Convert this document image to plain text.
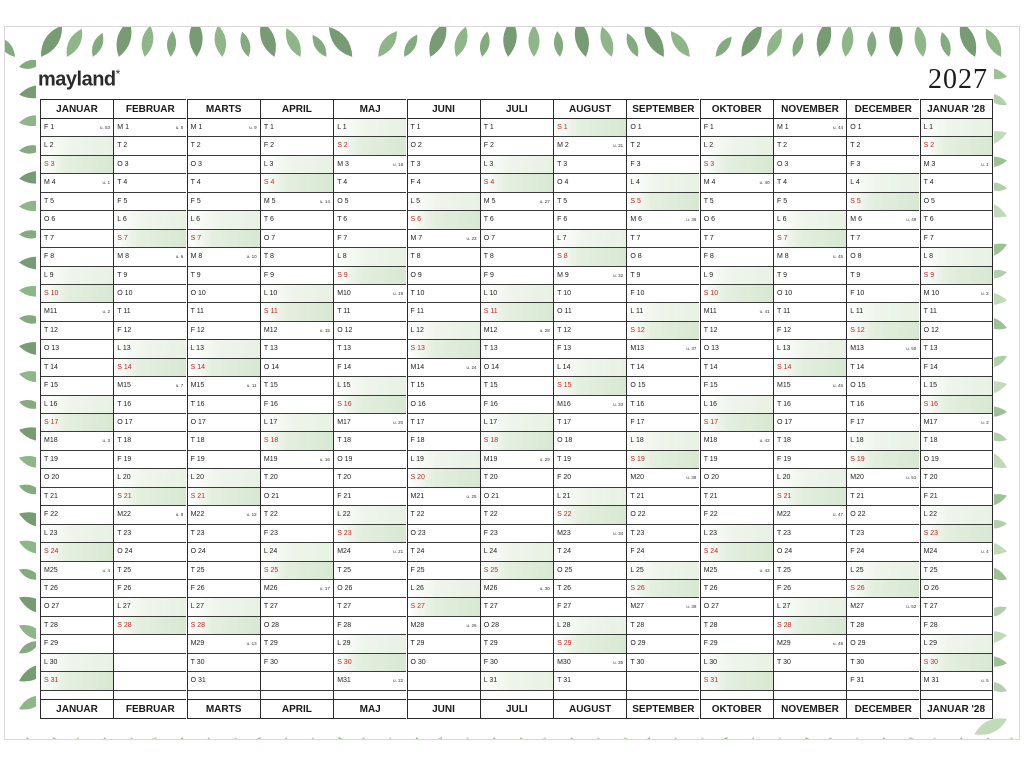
mayland*	2027
JANUAR
F 1	u. 53
L 2
S 3
M 4	u. 1
T 5
O 6
T 7
F 8
L 9
S 10
M11	u. 2
T 12
O 13
T 14
F 15
L 16
S 17
M18	u. 3
T 19
O 20
T 21
F 22
L 23
S 24
M25	u. 4
T 26
O 27
T 28
F 29
L 30
S 31
JANUAR
FEBRUAR
M 1	u. 5
T 2
O 3
T 4
F 5
L 6
S 7
M 8	u. 6
T 9
O 10
T 11
F 12
L 13
S 14
M15	u. 7
T 16
O 17
T 18
F 19
L 20
S 21
M22	u. 8
T 23
O 24
T 25
F 26
L 27
S 28
FEBRUAR
MARTS
M 1	u. 9
T 2
O 3
T 4
F 5
L 6
S 7
M 8	u. 10
T 9
O 10
T 11
F 12
L 13
S 14
M15	u. 11
T 16
O 17
T 18
F 19
L 20
S 21
M22	u. 12
T 23
O 24
T 25
F 26
L 27
S 28
M29	u. 13
T 30
O 31
MARTS
APRIL
T 1
F 2
L 3
S 4
M 5	u. 14
T 6
O 7
T 8
F 9
L 10
S 11
M12	u. 15
T 13
O 14
T 15
F 16
L 17
S 18
M19	u. 16
T 20
O 21
T 22
F 23
L 24
S 25
M26	u. 17
T 27
O 28
T 29
F 30
APRIL
MAJ
L 1
S 2
M 3	u. 18
T 4
O 5
T 6
F 7
L 8
S 9
M10	u. 19
T 11
O 12
T 13
F 14
L 15
S 16
M17	u. 20
T 18
O 19
T 20
F 21
L 22
S 23
M24	u. 21
T 25
O 26
T 27
F 28
L 29
S 30
M31	u. 22
MAJ
JUNI
T 1
O 2
T 3
F 4
L 5
S 6
M 7	u. 23
T 8
O 9
T 10
F 11
L 12
S 13
M14	u. 24
T 15
O 16
T 17
F 18
L 19
S 20
M21	u. 25
T 22
O 23
T 24
F 25
L 26
S 27
M28	u. 26
T 29
O 30
JUNI
JULI
T 1
F 2
L 3
S 4
M 5	u. 27
T 6
O 7
T 8
F 9
L 10
S 11
M12	u. 28
T 13
O 14
T 15
F 16
L 17
S 18
M19	u. 29
T 20
O 21
T 22
F 23
L 24
S 25
M26	u. 30
T 27
O 28
T 29
F 30
L 31
JULI
AUGUST
S 1
M 2	u. 31
T 3
O 4
T 5
F 6
L 7
S 8
M 9	u. 32
T 10
O 11
T 12
F 13
L 14
S 15
M16	u. 33
T 17
O 18
T 19
F 20
L 21
S 22
M23	u. 34
T 24
O 25
T 26
F 27
L 28
S 29
M30	u. 35
T 31
AUGUST
SEPTEMBER
O 1
T 2
F 3
L 4
S 5
M 6	u. 36
T 7
O 8
T 9
F 10
L 11
S 12
M13	u. 37
T 14
O 15
T 16
F 17
L 18
S 19
M20	u. 38
T 21
O 22
T 23
F 24
L 25
S 26
M27	u. 39
T 28
O 29
T 30
SEPTEMBER
OKTOBER
F 1
L 2
S 3
M 4	u. 40
T 5
O 6
T 7
F 8
L 9
S 10
M11	u. 41
T 12
O 13
T 14
F 15
L 16
S 17
M18	u. 42
T 19
O 20
T 21
F 22
L 23
S 24
M25	u. 43
T 26
O 27
T 28
F 29
L 30
S 31
OKTOBER
NOVEMBER
M 1	u. 44
T 2
O 3
T 4
F 5
L 6
S 7
M 8	u. 45
T 9
O 10
T 11
F 12
L 13
S 14
M15	u. 46
T 16
O 17
T 18
F 19
L 20
S 21
M22	u. 47
T 23
O 24
T 25
F 26
L 27
S 28
M29	u. 48
T 30
NOVEMBER
DECEMBER
O 1
T 2
F 3
L 4
S 5
M 6	u. 49
T 7
O 8
T 9
F 10
L 11
S 12
M13	u. 50
T 14
O 15
T 16
F 17
L 18
S 19
M20	u. 51
T 21
O 22
T 23
F 24
L 25
S 26
M27	u. 52
T 28
O 29
T 30
F 31
DECEMBER
JANUAR '28
L 1
S 2
M 3	u. 1
T 4
O 5
T 6
F 7
L 8
S 9
M 10	u. 2
T 11
O 12
T 13
F 14
L 15
S 16
M17	u. 3
T 18
O 19
T 20
F 21
L 22
S 23
M24	u. 4
T 25
O 26
T 27
F 28
L 29
S 30
M 31	u. 5
JANUAR '28
